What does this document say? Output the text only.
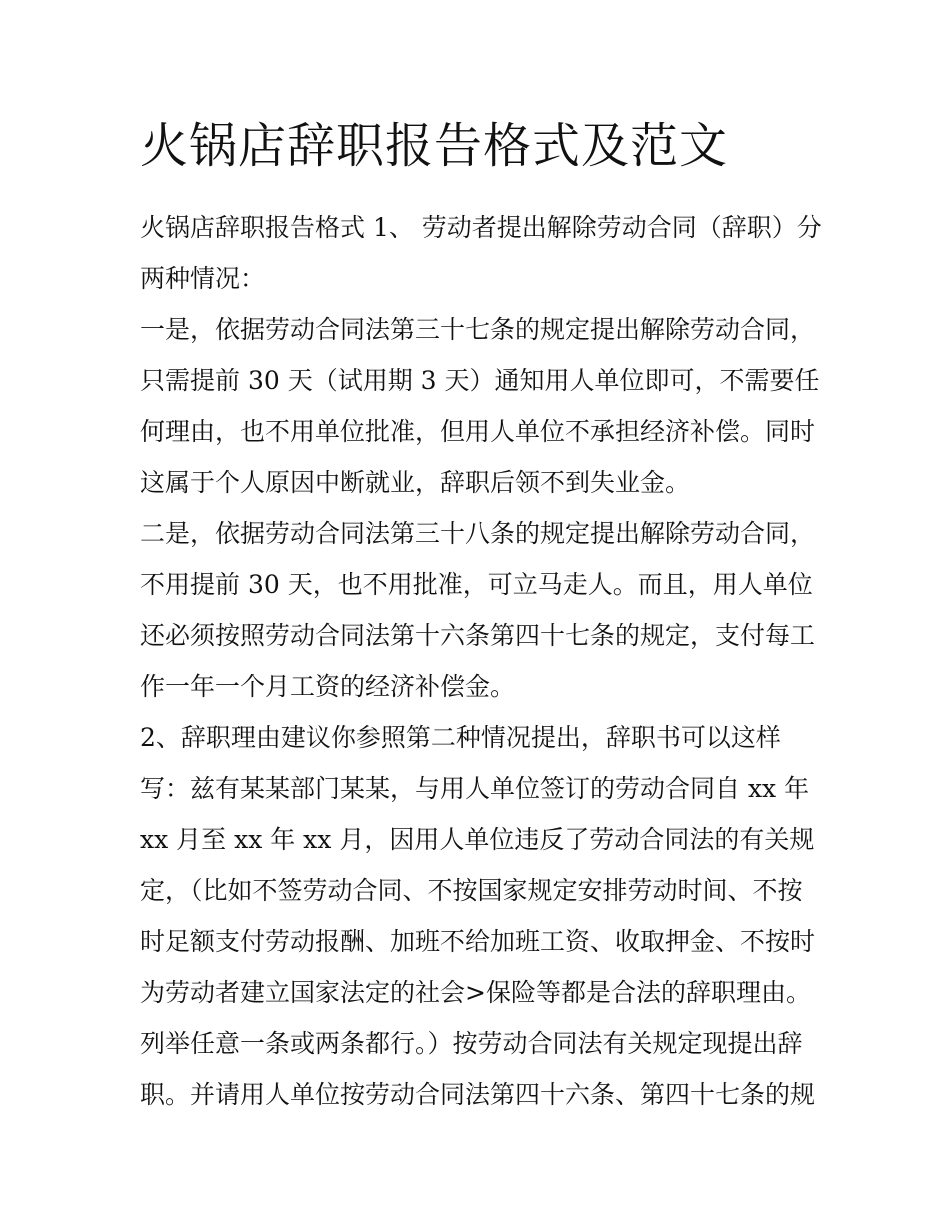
火锅店辞职报告格式及范文
火锅店辞职报告格式 1、 劳动者提出解除劳动合同（辞职）分
两种情况：
一是，依据劳动合同法第三十七条的规定提出解除劳动合同，
只需提前 30 天（试用期 3 天）通知用人单位即可，不需要任
何理由，也不用单位批准，但用人单位不承担经济补偿。同时
这属于个人原因中断就业，辞职后领不到失业金。
二是，依据劳动合同法第三十八条的规定提出解除劳动合同，
不用提前 30 天，也不用批准，可立马走人。而且，用人单位
还必须按照劳动合同法第十六条第四十七条的规定，支付每工
作一年一个月工资的经济补偿金。
2、辞职理由建议你参照第二种情况提出，辞职书可以这样
写：兹有某某部门某某，与用人单位签订的劳动合同自 xx 年
xx 月至 xx 年 xx 月，因用人单位违反了劳动合同法的有关规
定，（比如不签劳动合同、不按国家规定安排劳动时间、不按
时足额支付劳动报酬、加班不给加班工资、收取押金、不按时
为劳动者建立国家法定的社会>保险等都是合法的辞职理由。
列举任意一条或两条都行。）按劳动合同法有关规定现提出辞
职。并请用人单位按劳动合同法第四十六条、第四十七条的规
